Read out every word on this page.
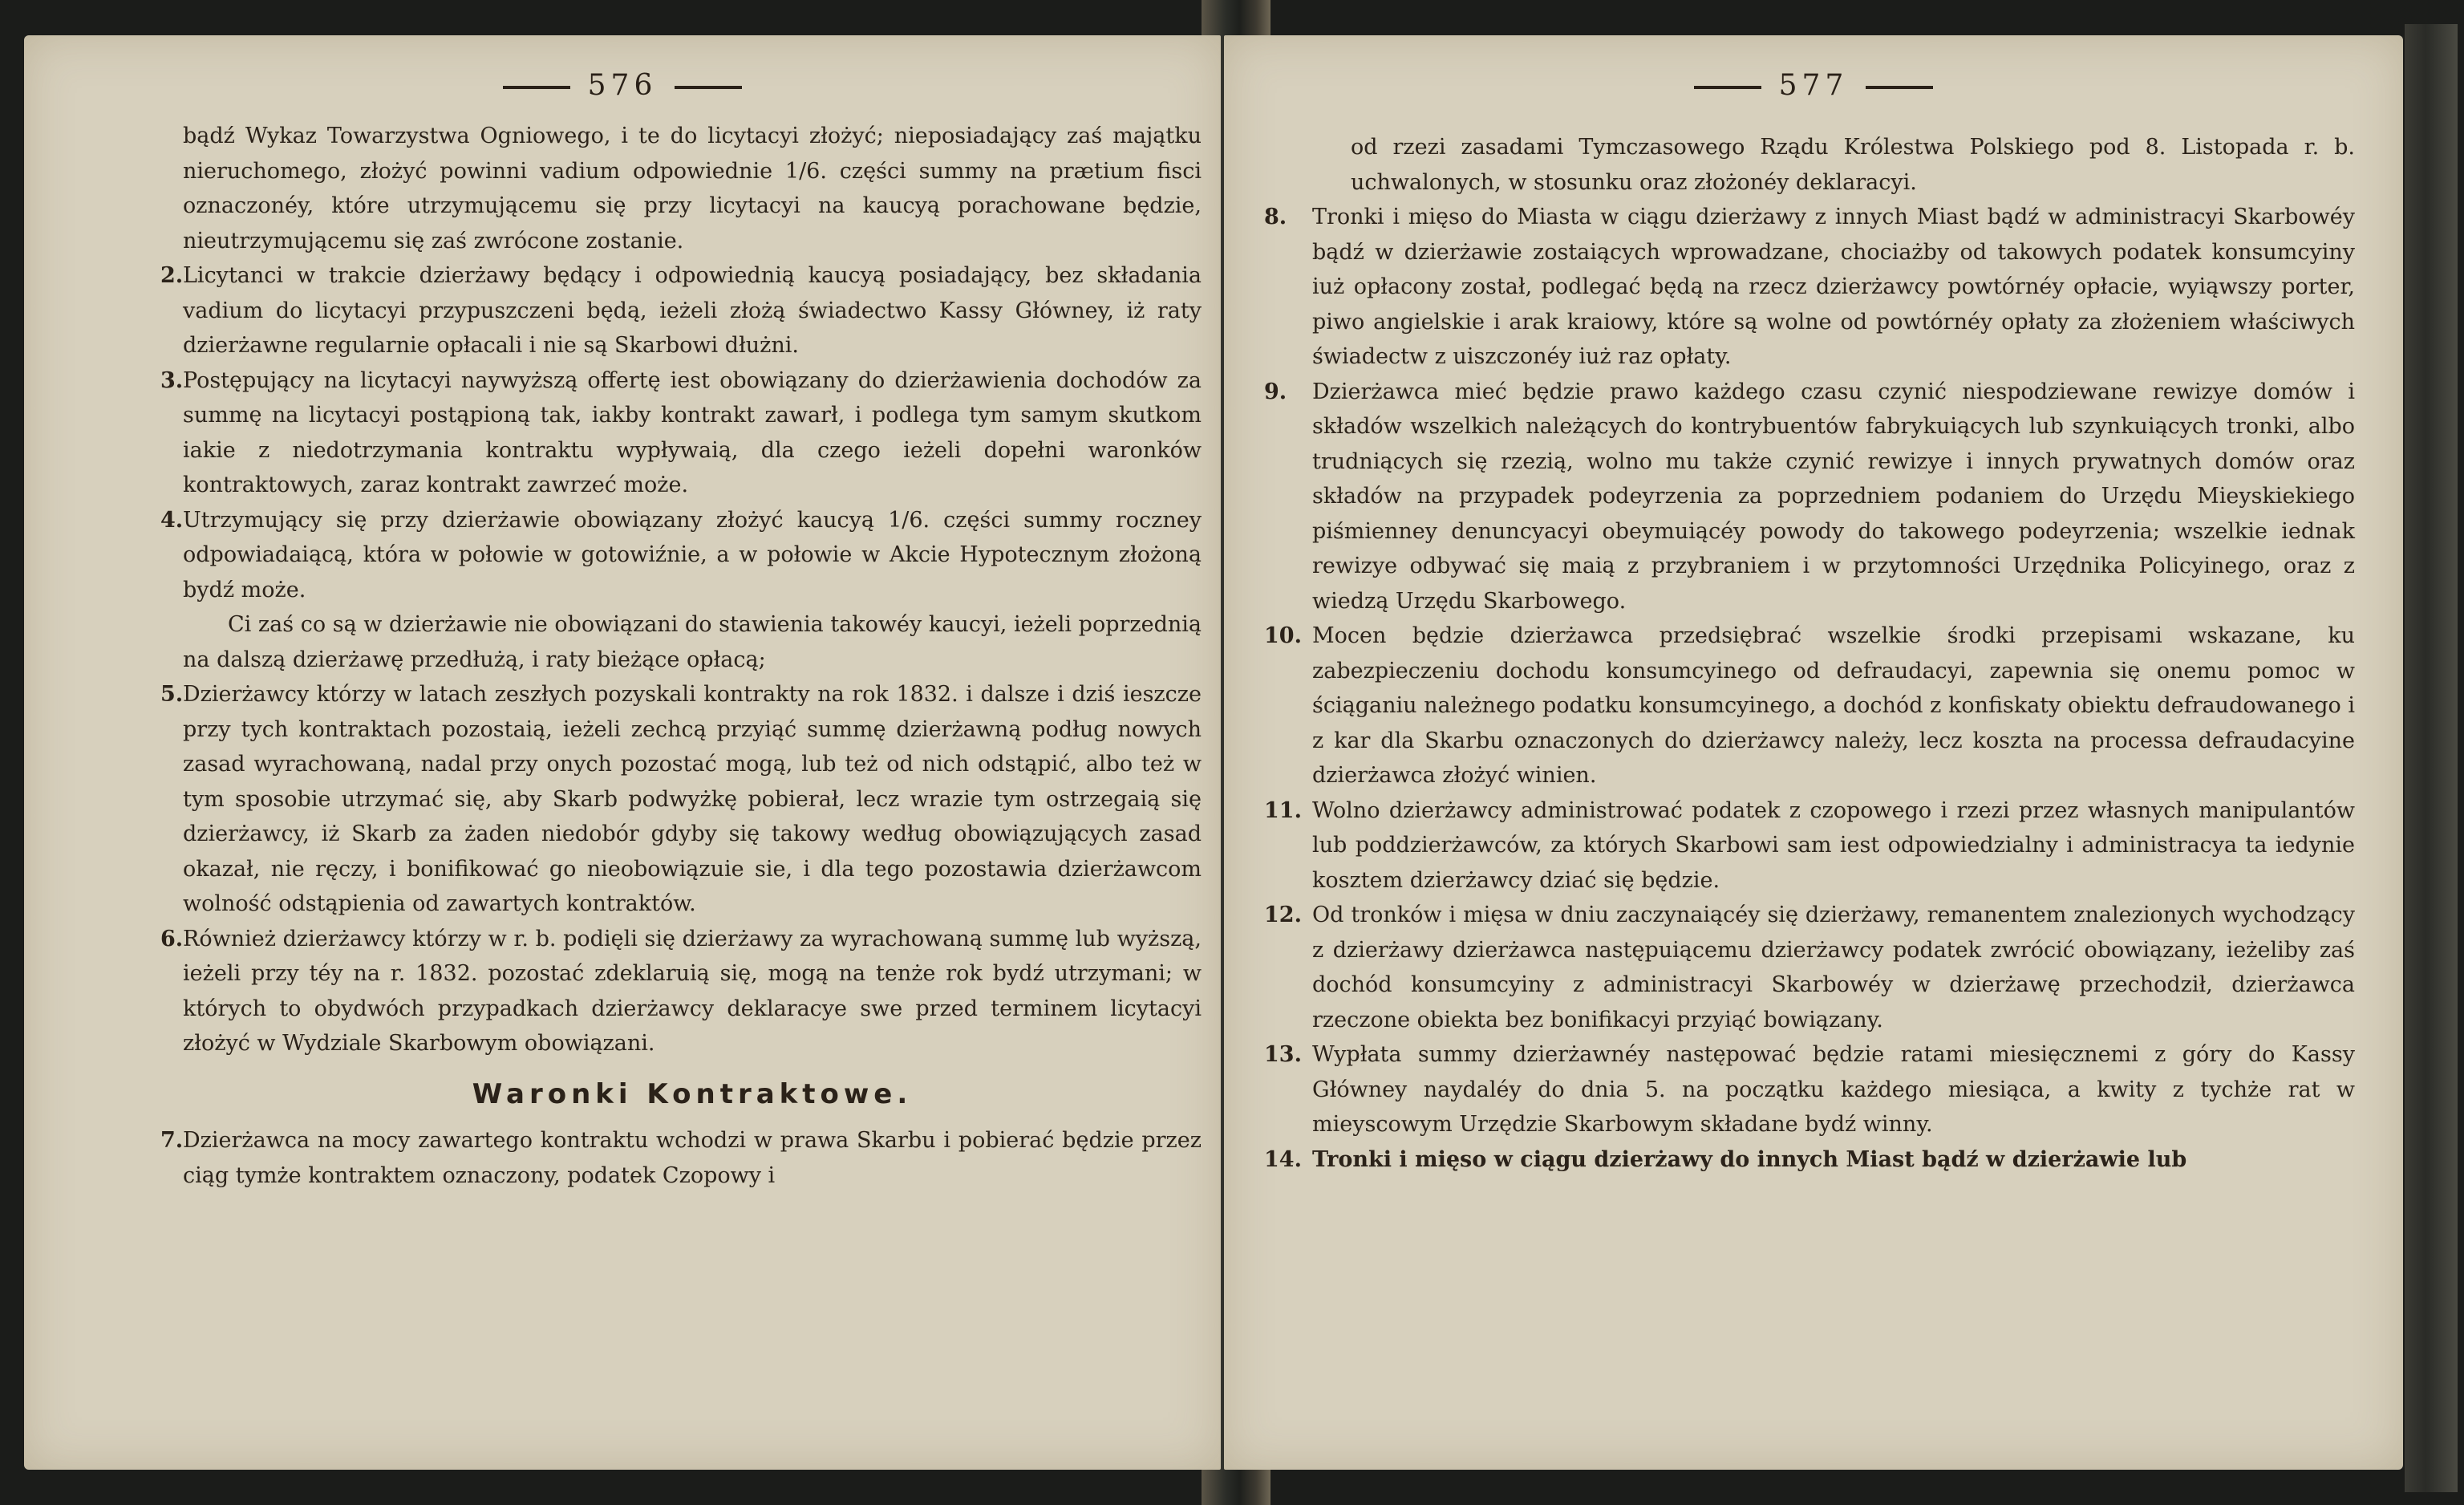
576

bądź Wykaz Towarzystwa Ogniowego, i te do licytacyi złożyć; nieposiadający zaś majątku nieruchomego, złożyć powinni vadium odpowiednie 1/6. części summy na prætium fisci oznaczonéy, które utrzymującemu się przy licytacyi na kaucyą porachowane będzie, nieutrzymującemu się zaś zwrócone zostanie.

2. Licytanci w trakcie dzierżawy będący i odpowiednią kaucyą posiadający, bez składania vadium do licytacyi przypuszczeni będą, ieżeli złożą świadectwo Kassy Główney, iż raty dzierżawne regularnie opłacali i nie są Skarbowi dłużni.
3. Postępujący na licytacyi naywyższą offertę iest obowiązany do dzierżawienia dochodów za summę na licytacyi postąpioną tak, iakby kontrakt zawarł, i podlega tym samym skutkom iakie z niedotrzymania kontraktu wypływaią, dla czego ieżeli dopełni waronków kontraktowych, zaraz kontrakt zawrzeć może.
4. Utrzymujący się przy dzierżawie obowiązany złożyć kaucyą 1/6. części summy roczney odpowiadaiącą, która w połowie w gotowiźnie, a w połowie w Akcie Hypotecznym złożoną bydź może.

Ci zaś co są w dzierżawie nie obowiązani do stawienia takowéy kaucyi, ieżeli poprzednią na dalszą dzierżawę przedłużą, i raty bieżące opłacą;

5. Dzierżawcy którzy w latach zeszłych pozyskali kontrakty na rok 1832. i dalsze i dziś ieszcze przy tych kontraktach pozostaią, ieżeli zechcą przyiąć summę dzierżawną podług nowych zasad wyrachowaną, nadal przy onych pozostać mogą, lub też od nich odstąpić, albo też w tym sposobie utrzymać się, aby Skarb podwyżkę pobierał, lecz wrazie tym ostrzegaią się dzierżawcy, iż Skarb za żaden niedobór gdyby się takowy według obowiązujących zasad okazał, nie ręczy, i bonifikować go nieobowiązuie sie, i dla tego pozostawia dzierżawcom wolność odstąpienia od zawartych kontraktów.
6. Również dzierżawcy którzy w r. b. podięli się dzierżawy za wyrachowaną summę lub wyższą, ieżeli przy téy na r. 1832. pozostać zdeklaruią się, mogą na tenże rok bydź utrzymani; w których to obydwóch przypadkach dzierżawcy deklaracye swe przed terminem licytacyi złożyć w Wydziale Skarbowym obowiązani.
Waronki Kontraktowe.
7. Dzierżawca na mocy zawartego kontraktu wchodzi w prawa Skarbu i pobierać będzie przez ciąg tymże kontraktem oznaczony, podatek Czopowy i
577

od rzezi zasadami Tymczasowego Rządu Królestwa Polskiego pod 8. Listopada r. b. uchwalonych, w stosunku oraz złożonéy deklaracyi.

8. Tronki i mięso do Miasta w ciągu dzierżawy z innych Miast bądź w administracyi Skarbowéy bądź w dzierżawie zostaiących wprowadzane, chociażby od takowych podatek konsumcyiny iuż opłacony został, podlegać będą na rzecz dzierżawcy powtórnéy opłacie, wyiąwszy porter, piwo angielskie i arak kraiowy, które są wolne od powtórnéy opłaty za złożeniem właściwych świadectw z uiszczonéy iuż raz opłaty.
9. Dzierżawca mieć będzie prawo każdego czasu czynić niespodziewane rewizye domów i składów wszelkich należących do kontrybuentów fabrykuiących lub szynkuiących tronki, albo trudniących się rzezią, wolno mu także czynić rewizye i innych prywatnych domów oraz składów na przypadek podeyrzenia za poprzedniem podaniem do Urzędu Mieyskiekiego piśmienney denuncyacyi obeymuiącéy powody do takowego podeyrzenia; wszelkie iednak rewizye odbywać się maią z przybraniem i w przytomności Urzędnika Policyinego, oraz z wiedzą Urzędu Skarbowego.
10. Mocen będzie dzierżawca przedsiębrać wszelkie środki przepisami wskazane, ku zabezpieczeniu dochodu konsumcyinego od defraudacyi, zapewnia się onemu pomoc w ściąganiu należnego podatku konsumcyinego, a dochód z konfiskaty obiektu defraudowanego i z kar dla Skarbu oznaczonych do dzierżawcy należy, lecz koszta na processa defraudacyine dzierżawca złożyć winien.
11. Wolno dzierżawcy administrować podatek z czopowego i rzezi przez własnych manipulantów lub poddzierżawców, za których Skarbowi sam iest odpowiedzialny i administracya ta iedynie kosztem dzierżawcy dziać się będzie.
12. Od tronków i mięsa w dniu zaczynaiącéy się dzierżawy, remanentem znalezionych wychodzący z dzierżawy dzierżawca następuiącemu dzierżawcy podatek zwrócić obowiązany, ieżeliby zaś dochód konsumcyiny z administracyi Skarbowéy w dzierżawę przechodził, dzierżawca rzeczone obiekta bez bonifikacyi przyiąć bowiązany.
13. Wypłata summy dzierżawnéy następować będzie ratami miesięcznemi z góry do Kassy Główney naydaléy do dnia 5. na początku każdego miesiąca, a kwity z tychże rat w mieyscowym Urzędzie Skarbowym składane bydź winny.
14. Tronki i mięso w ciągu dzierżawy do innych Miast bądź w dzierżawie lub
